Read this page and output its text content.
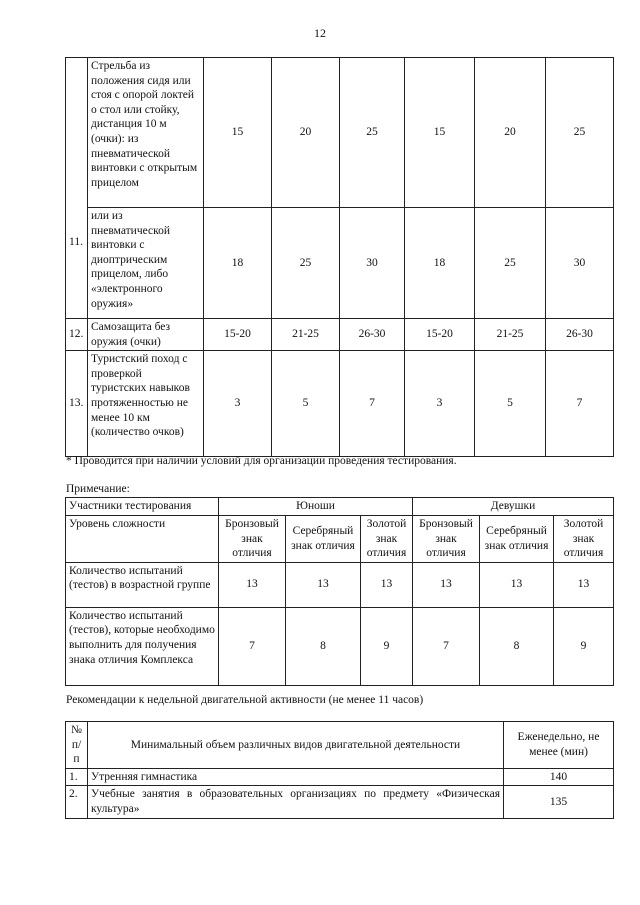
12
11.	Стрельба из положения сидя или стоя с опорой локтей о стол или стойку, дистанция 10 м (очки): из пневматической винтовки с открытым прицелом	15	20	25	15	20	25
	или из пневматической винтовки с диоптрическим прицелом, либо «электронного оружия»	18	25	30	18	25	30
12.	Самозащита без оружия (очки)	15-20	21-25	26-30	15-20	21-25	26-30
13.	Туристский поход с проверкой туристских навыков протяженностью не менее 10 км (количество очков)	3	5	7	3	5	7
* Проводится при наличии условий для организации проведения тестирования.
Примечание:
Участники тестирования	Юноши			Девушки		
Уровень сложности	Бронзовый знак отличия	Серебряный знак отличия	Золотой знак отличия	Бронзовый знак отличия	Серебряный знак отличия	Золотой знак отличия
Количество испытаний (тестов) в возрастной группе	13	13	13	13	13	13
Количество испытаний (тестов), которые необходимо выполнить для получения знака отличия Комплекса	7	8	9	7	8	9
Рекомендации к недельной двигательной активности (не менее 11 часов)
№ п/п	Минимальный объем различных видов двигательной деятельности	Еженедельно, не менее (мин)
1.	Утренняя гимнастика	140
2.	Учебные занятия в образовательных организациях по предмету «Физическая культура»	135
